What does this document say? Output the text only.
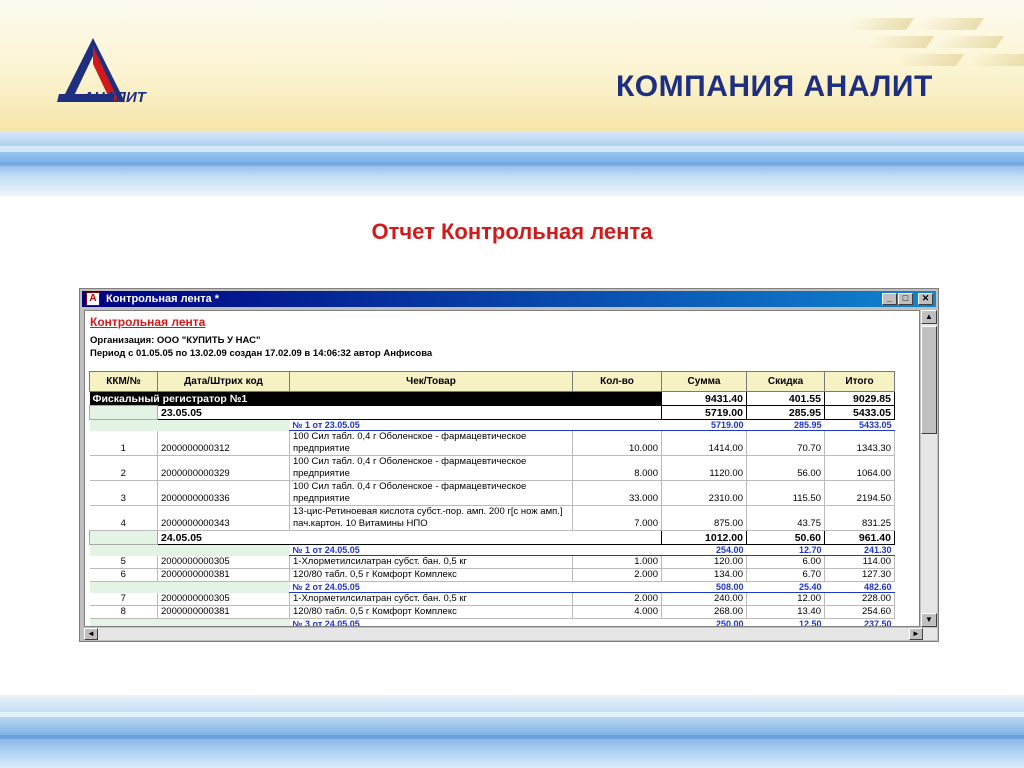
АНАЛИТ	КОМПАНИЯ АНАЛИТ
Отчет Контрольная лента
A Контрольная лента *	_	□	✕
Контрольная лента
Организация: ООО "КУПИТЬ У НАС"
Период с 01.05.05 по 13.02.09 создан 17.02.09 в 14:06:32 автор Анфисова
ККМ/№	Дата/Штрих код	Чек/Товар	Кол-во	Сумма	Скидка	Итого
Фискальный регистратор №1				9431.40	401.55	9029.85
	23.05.05			5719.00	285.95	5433.05
		№ 1 от 23.05.05		5719.00	285.95	5433.05
1	2000000000312	100 Сил табл. 0,4 г Оболенское - фармацевтическое предприятие	10.000	1414.00	70.70	1343.30
2	2000000000329	100 Сил табл. 0,4 г Оболенское - фармацевтическое предприятие	8.000	1120.00	56.00	1064.00
3	2000000000336	100 Сил табл. 0,4 г Оболенское - фармацевтическое предприятие	33.000	2310.00	115.50	2194.50
4	2000000000343	13-цис-Ретиноевая кислота субст.-пор. амп. 200 г[с нож амп.] пач.картон. 10 Витамины НПО	7.000	875.00	43.75	831.25
	24.05.05			1012.00	50.60	961.40
		№ 1 от 24.05.05		254.00	12.70	241.30
5	2000000000305	1-Хлорметилсилатран субст. бан. 0,5 кг	1.000	120.00	6.00	114.00
6	2000000000381	120/80 табл. 0,5 г Комфорт Комплекс	2.000	134.00	6.70	127.30
		№ 2 от 24.05.05		508.00	25.40	482.60
7	2000000000305	1-Хлорметилсилатран субст. бан. 0,5 кг	2.000	240.00	12.00	228.00
8	2000000000381	120/80 табл. 0,5 г Комфорт Комплекс	4.000	268.00	13.40	254.60
		№ 3 от 24.05.05		250.00	12.50	237.50
▲
▼
◄	►
